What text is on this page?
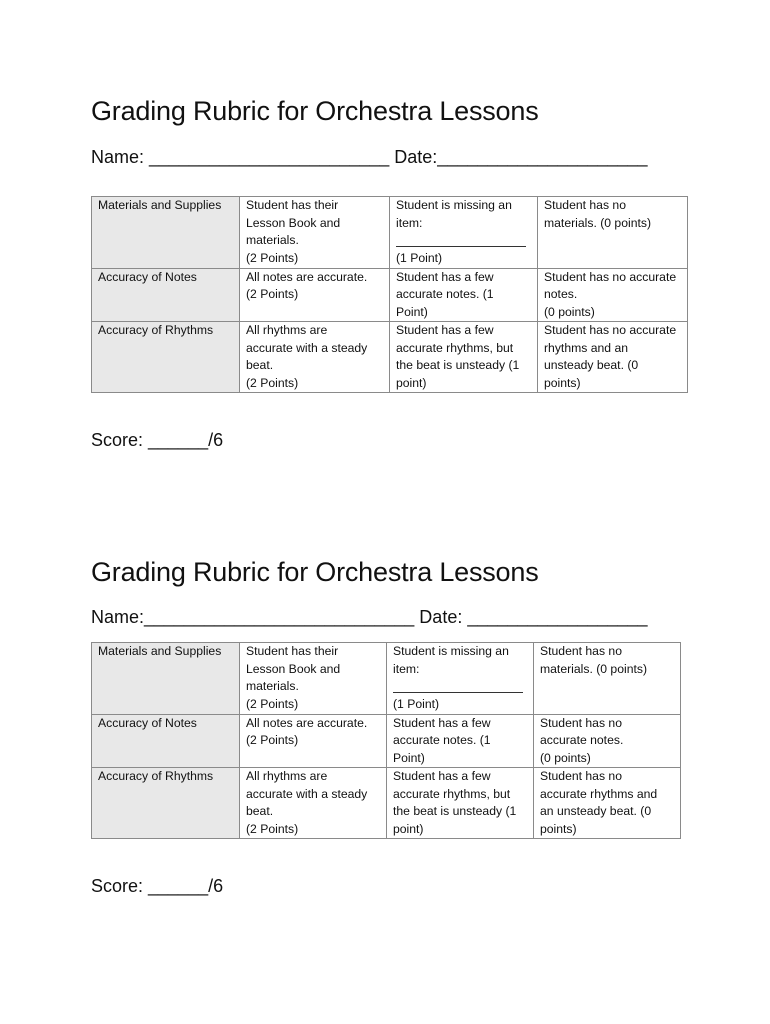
Grading Rubric for Orchestra Lessons
Name: ________________________ Date:_____________________
Materials and Supplies	Student has their
Lesson Book and
materials.
(2 Points)	Student is missing an
item:
(1 Point)	Student has no
materials. (0 points)
Accuracy of Notes	All notes are accurate.
(2 Points)	Student has a few
accurate notes. (1
Point)	Student has no accurate
notes.
(0 points)
Accuracy of Rhythms	All rhythms are
accurate with a steady
beat.
(2 Points)	Student has a few
accurate rhythms, but
the beat is unsteady (1
point)	Student has no accurate
rhythms and an
unsteady beat. (0
points)
Score: ______/6
Grading Rubric for Orchestra Lessons
Name:___________________________ Date: __________________
Materials and Supplies	Student has their
Lesson Book and
materials.
(2 Points)	Student is missing an
item:
(1 Point)	Student has no
materials. (0 points)
Accuracy of Notes	All notes are accurate.
(2 Points)	Student has a few
accurate notes. (1
Point)	Student has no
accurate notes.
(0 points)
Accuracy of Rhythms	All rhythms are
accurate with a steady
beat.
(2 Points)	Student has a few
accurate rhythms, but
the beat is unsteady (1
point)	Student has no
accurate rhythms and
an unsteady beat. (0
points)
Score: ______/6
